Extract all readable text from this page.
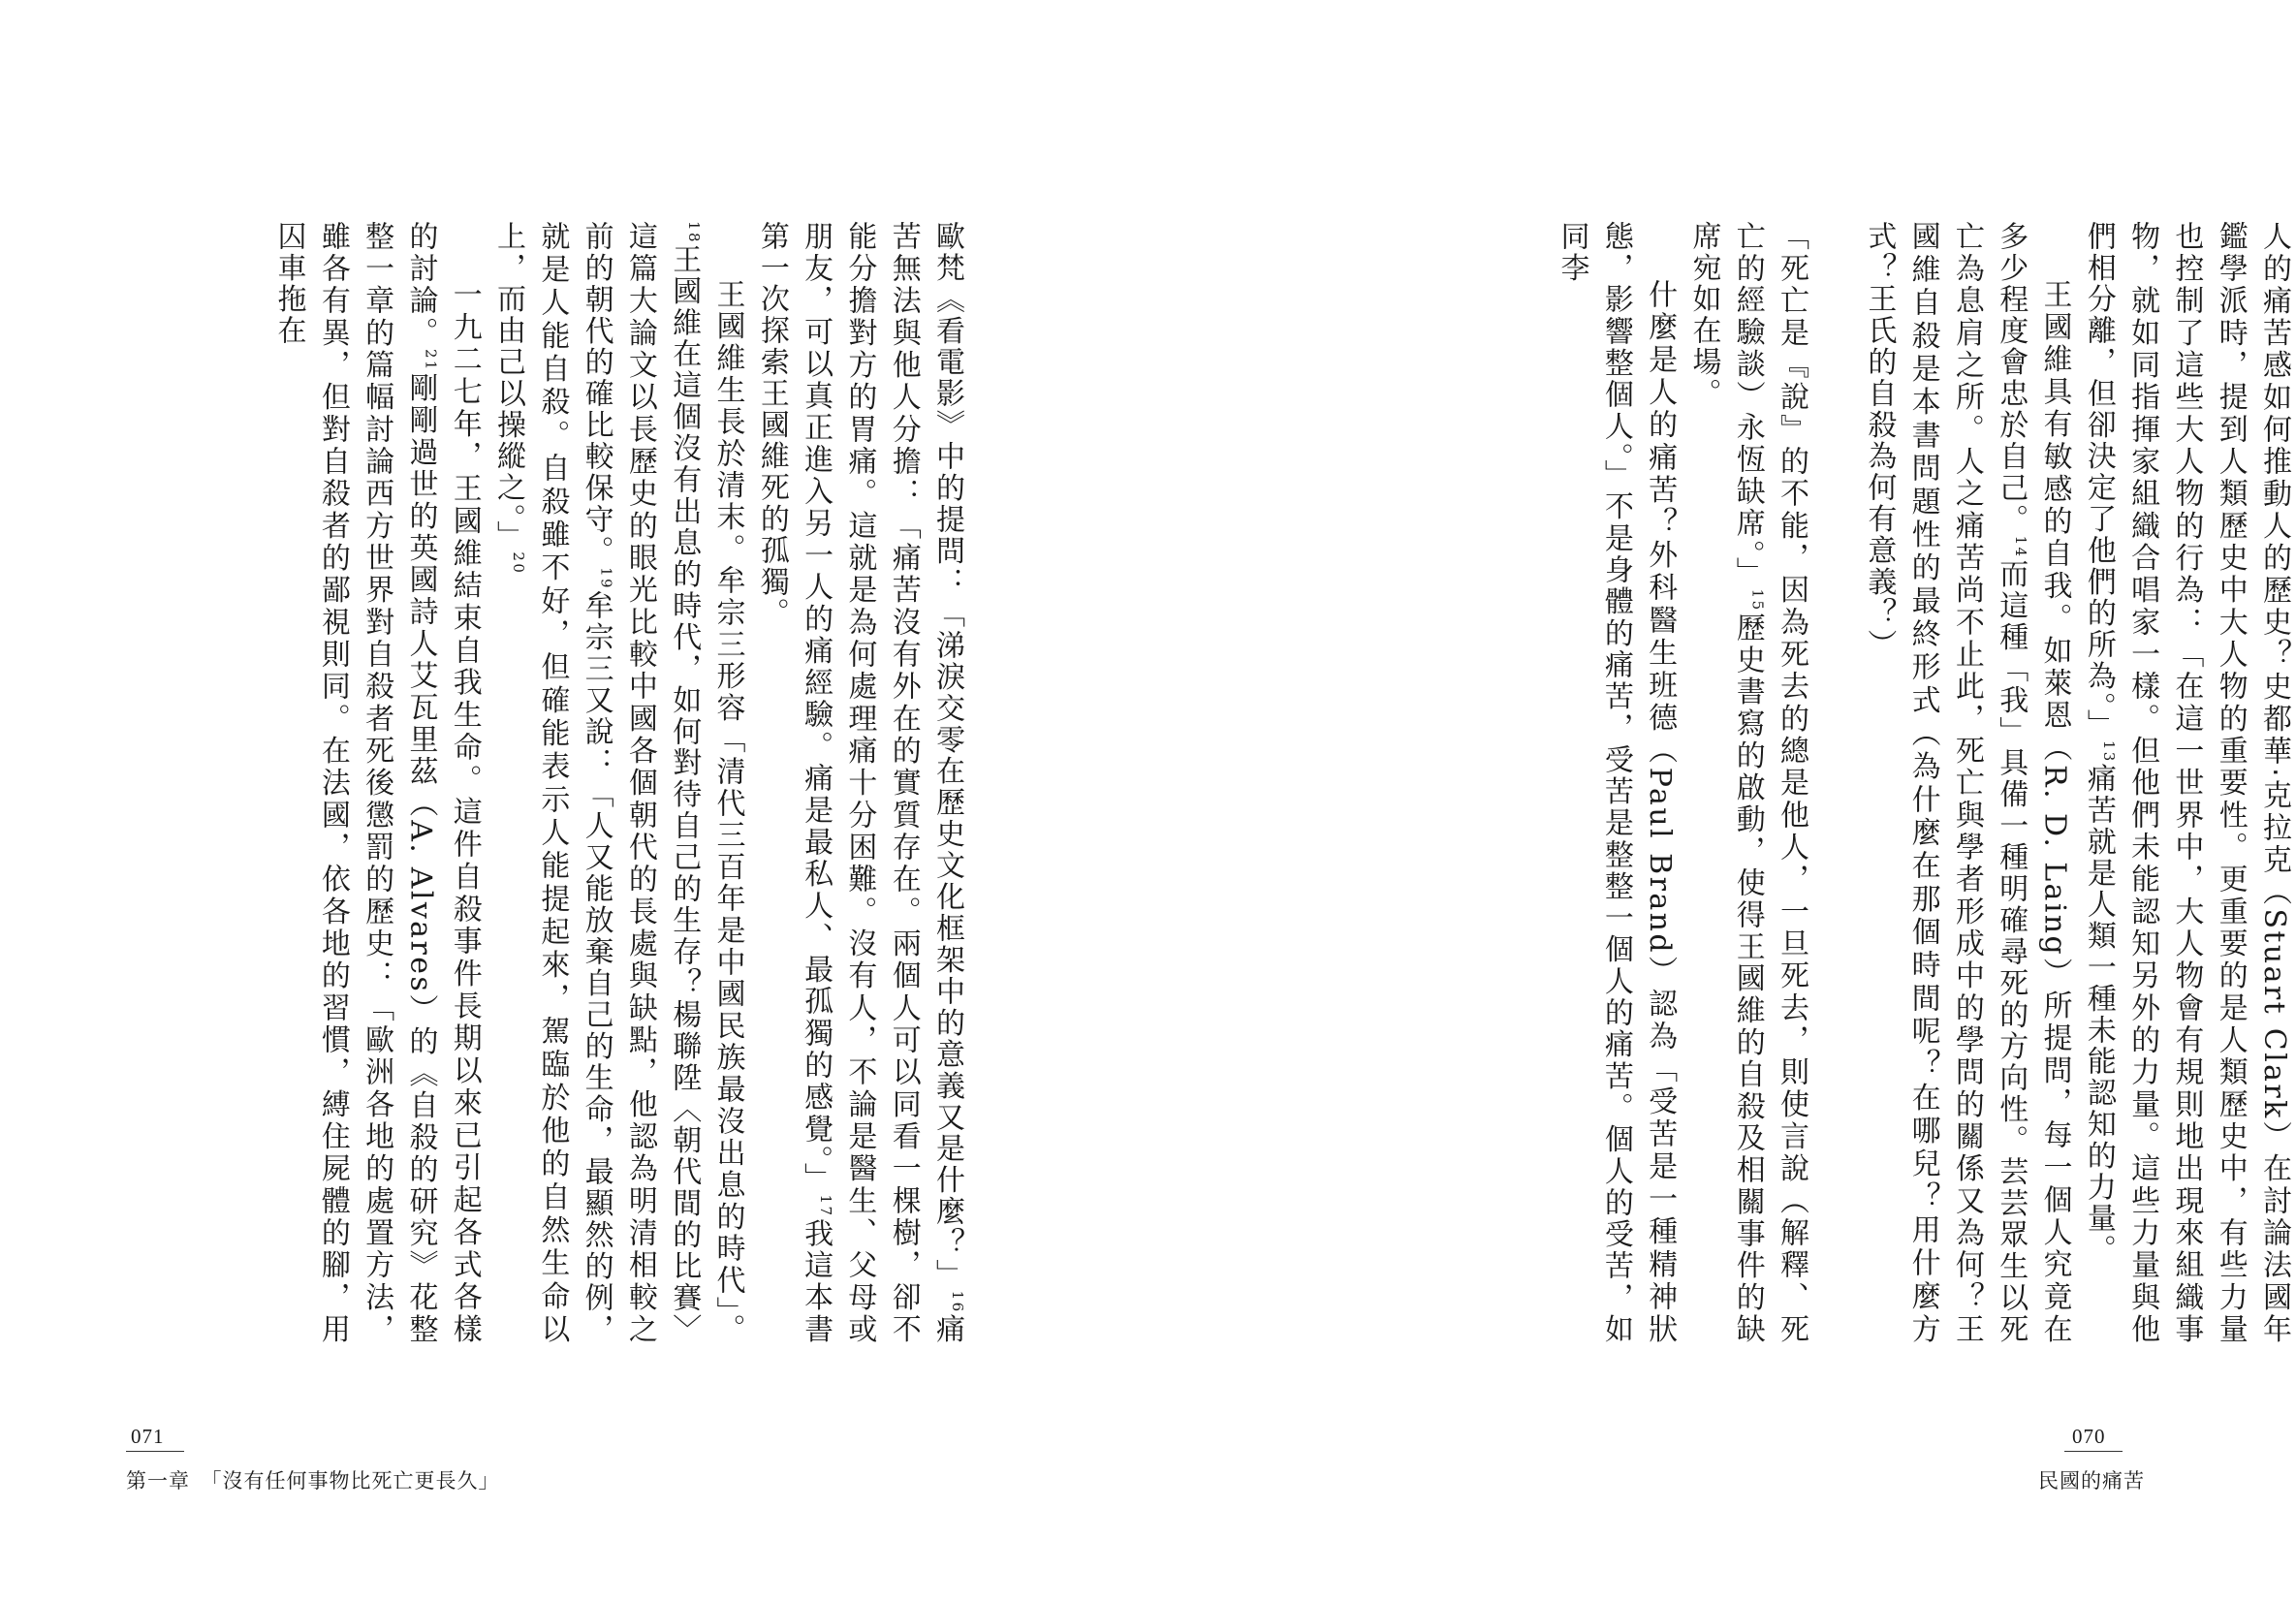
歐梵《看電影》中的提問：「涕淚交零在歷史文化框架中的意義又是什麼？」$^{16}$痛苦無法與他人分擔：「痛苦沒有外在的實質存在。兩個人可以同看一棵樹，卻不能分擔對方的胃痛。這就是為何處理痛十分困難。沒有人，不論是醫生、父母或朋友，可以真正進入另一人的痛經驗。痛是最私人、最孤獨的感覺。」$^{17}$我這本書第一次探索王國維死的孤獨。

王國維生長於清末。牟宗三形容「清代三百年是中國民族最沒出息的時代」。$^{18}$王國維在這個沒有出息的時代，如何對待自己的生存？楊聯陞〈朝代間的比賽〉這篇大論文以長歷史的眼光比較中國各個朝代的長處與缺點，他認為明清相較之前的朝代的確比較保守。$^{19}$牟宗三又說：「人又能放棄自己的生命，最顯然的例，就是人能自殺。自殺雖不好，但確能表示人能提起來，駕臨於他的自然生命以上，而由己以操縱之。」$^{20}$

一九二七年，王國維結束自我生命。這件自殺事件長期以來已引起各式各樣的討論。$^{21}$剛剛過世的英國詩人艾瓦里茲（A. Alvares）的《自殺的研究》花整整一章的篇幅討論西方世界對自殺者死後懲罰的歷史：「歐洲各地的處置方法，雖各有異，但對自殺者的鄙視則同。在法國，依各地的習慣，縛住屍體的腳，用囚車拖在

071
第一章　「沒有任何事物比死亡更長久」

人的痛苦感如何推動人的歷史？史都華‧克拉克（Stuart Clark）在討論法國年鑑學派時，提到人類歷史中大人物的重要性。更重要的是人類歷史中，有些力量也控制了這些大人物的行為：「在這一世界中，大人物會有規則地出現來組織事物，就如同指揮家組織合唱家一樣。但他們未能認知另外的力量。這些力量與他們相分離，但卻決定了他們的所為。」$^{13}$痛苦就是人類一種未能認知的力量。

王國維具有敏感的自我。如萊恩（R. D. Laing）所提問，每一個人究竟在多少程度會忠於自己。$^{14}$而這種「我」具備一種明確尋死的方向性。芸芸眾生以死亡為息肩之所。人之痛苦尚不止此，死亡與學者形成中的學問的關係又為何？王國維自殺是本書問題性的最終形式（為什麼在那個時間呢？在哪兒？用什麼方式？王氏的自殺為何有意義？）

「死亡是『說』的不能，因為死去的總是他人，一旦死去，則使言說（解釋、死亡的經驗談）永恆缺席。」$^{15}$歷史書寫的啟動，使得王國維的自殺及相關事件的缺席宛如在場。

什麼是人的痛苦？外科醫生班德（Paul Brand）認為「受苦是一種精神狀態，影響整個人。」不是身體的痛苦，受苦是整整一個人的痛苦。個人的受苦，如同李

070
民國的痛苦
